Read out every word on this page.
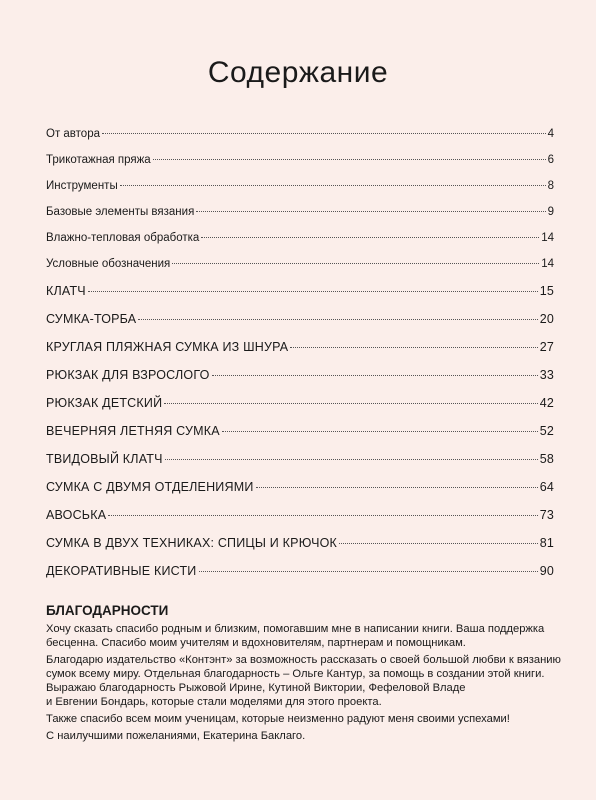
Содержание
От автора	4
Трикотажная пряжа	6
Инструменты	8
Базовые элементы вязания	9
Влажно-тепловая обработка	14
Условные обозначения	14
КЛАТЧ	15
СУМКА-ТОРБА	20
КРУГЛАЯ ПЛЯЖНАЯ СУМКА ИЗ ШНУРА	27
РЮКЗАК ДЛЯ ВЗРОСЛОГО	33
РЮКЗАК ДЕТСКИЙ	42
ВЕЧЕРНЯЯ ЛЕТНЯЯ СУМКА	52
ТВИДОВЫЙ КЛАТЧ	58
СУМКА С ДВУМЯ ОТДЕЛЕНИЯМИ	64
АВОСЬКА	73
СУМКА В ДВУХ ТЕХНИКАХ: СПИЦЫ И КРЮЧОК	81
ДЕКОРАТИВНЫЕ КИСТИ	90
БЛАГОДАРНОСТИ

Хочу сказать спасибо родным и близким, помогавшим мне в написании книги. Ваша поддержка
бесценна. Спасибо моим учителям и вдохновителям, партнерам и помощникам.

Благодарю издательство «Контэнт» за возможность рассказать о своей большой любви к вязанию
сумок всему миру. Отдельная благодарность – Ольге Кантур, за помощь в создании этой книги.
Выражаю благодарность Рыжовой Ирине, Кутиной Виктории, Фефеловой Владе
и Евгении Бондарь, которые стали моделями для этого проекта.

Также спасибо всем моим ученицам, которые неизменно радуют меня своими успехами!

С наилучшими пожеланиями, Екатерина Баклаго.
